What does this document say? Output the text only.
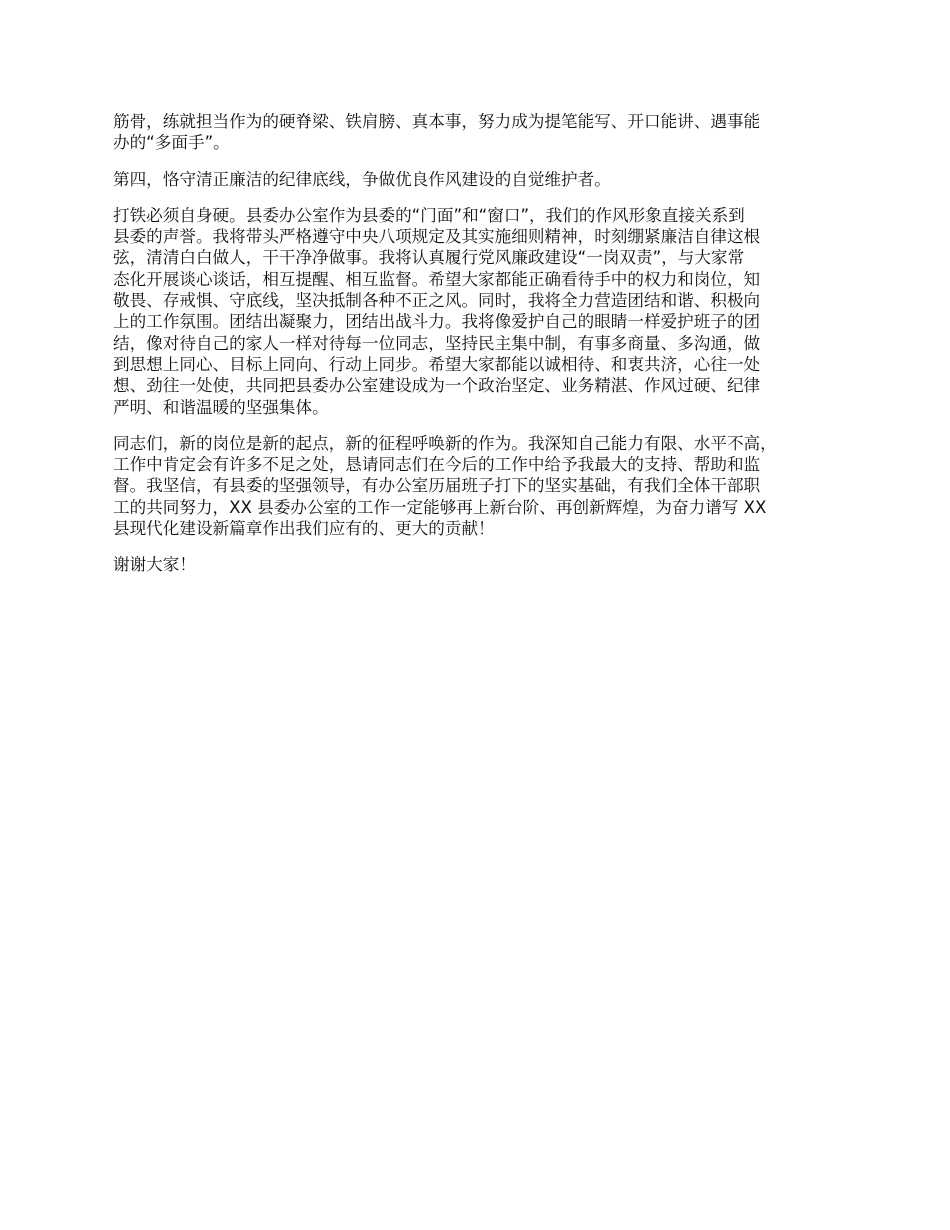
筋骨，练就担当作为的硬脊梁、铁肩膀、真本事，努力成为提笔能写、开口能讲、遇事能
办的“多面手”。

第四，恪守清正廉洁的纪律底线，争做优良作风建设的自觉维护者。

打铁必须自身硬。县委办公室作为县委的“门面”和“窗口”，我们的作风形象直接关系到
县委的声誉。我将带头严格遵守中央八项规定及其实施细则精神，时刻绷紧廉洁自律这根
弦，清清白白做人，干干净净做事。我将认真履行党风廉政建设“一岗双责”，与大家常
态化开展谈心谈话，相互提醒、相互监督。希望大家都能正确看待手中的权力和岗位，知
敬畏、存戒惧、守底线，坚决抵制各种不正之风。同时，我将全力营造团结和谐、积极向
上的工作氛围。团结出凝聚力，团结出战斗力。我将像爱护自己的眼睛一样爱护班子的团
结，像对待自己的家人一样对待每一位同志，坚持民主集中制，有事多商量、多沟通，做
到思想上同心、目标上同向、行动上同步。希望大家都能以诚相待、和衷共济，心往一处
想、劲往一处使，共同把县委办公室建设成为一个政治坚定、业务精湛、作风过硬、纪律
严明、和谐温暖的坚强集体。

同志们，新的岗位是新的起点，新的征程呼唤新的作为。我深知自己能力有限、水平不高，
工作中肯定会有许多不足之处，恳请同志们在今后的工作中给予我最大的支持、帮助和监
督。我坚信，有县委的坚强领导，有办公室历届班子打下的坚实基础，有我们全体干部职
工的共同努力，XX 县委办公室的工作一定能够再上新台阶、再创新辉煌，为奋力谱写 XX
县现代化建设新篇章作出我们应有的、更大的贡献！

谢谢大家！
